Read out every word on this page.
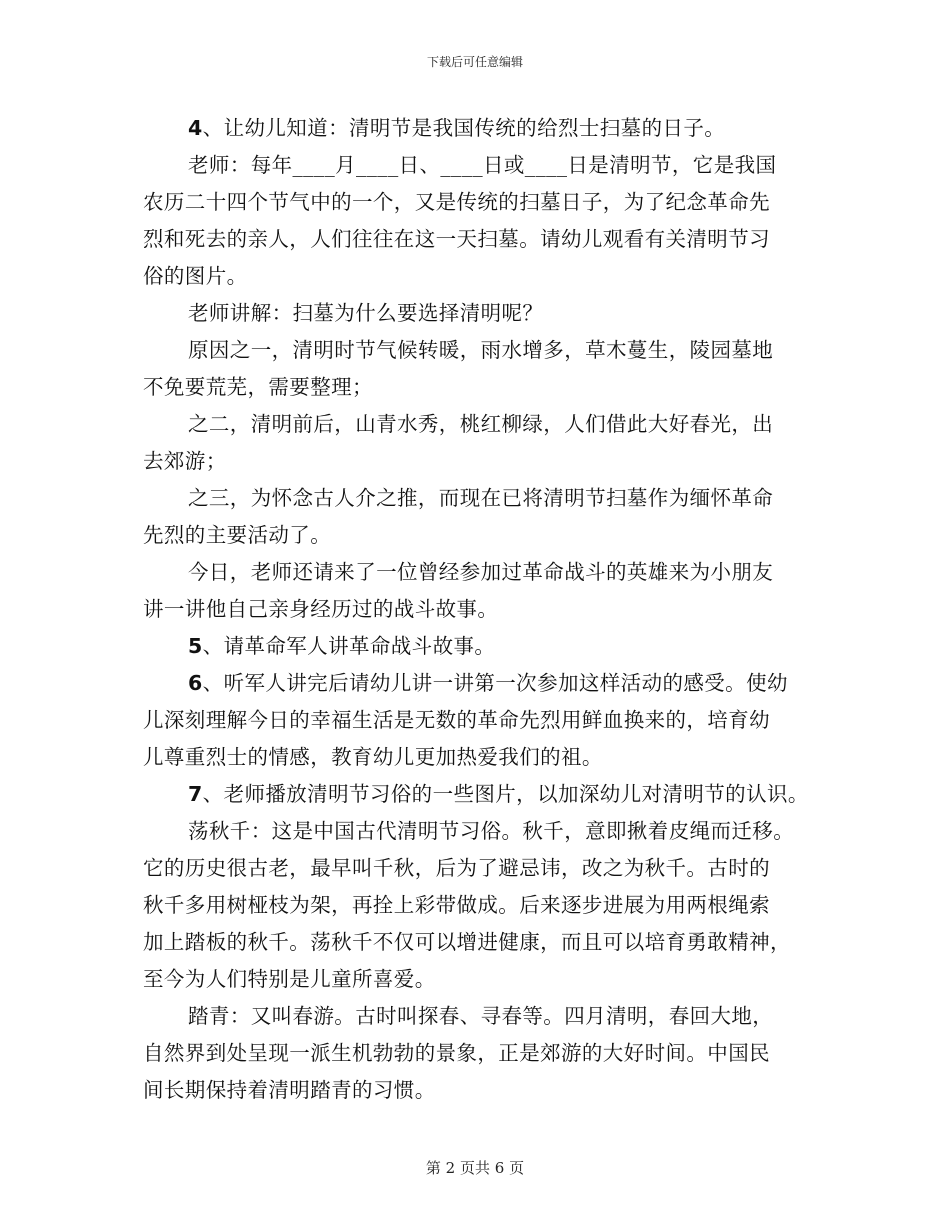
下载后可任意编辑
4、让幼儿知道：清明节是我国传统的给烈士扫墓的日子。
老师：每年____月____日、____日或____日是清明节，它是我国
农历二十四个节气中的一个，又是传统的扫墓日子，为了纪念革命先
烈和死去的亲人，人们往往在这一天扫墓。请幼儿观看有关清明节习
俗的图片。
老师讲解：扫墓为什么要选择清明呢？
原因之一，清明时节气候转暖，雨水增多，草木蔓生，陵园墓地
不免要荒芜，需要整理；
之二，清明前后，山青水秀，桃红柳绿，人们借此大好春光，出
去郊游；
之三，为怀念古人介之推，而现在已将清明节扫墓作为缅怀革命
先烈的主要活动了。
今日，老师还请来了一位曾经参加过革命战斗的英雄来为小朋友
讲一讲他自己亲身经历过的战斗故事。
5、请革命军人讲革命战斗故事。
6、听军人讲完后请幼儿讲一讲第一次参加这样活动的感受。使幼
儿深刻理解今日的幸福生活是无数的革命先烈用鲜血换来的，培育幼
儿尊重烈士的情感，教育幼儿更加热爱我们的祖。
7、老师播放清明节习俗的一些图片，以加深幼儿对清明节的认识。
荡秋千：这是中国古代清明节习俗。秋千，意即揪着皮绳而迁移。
它的历史很古老，最早叫千秋，后为了避忌讳，改之为秋千。古时的
秋千多用树桠枝为架，再拴上彩带做成。后来逐步进展为用两根绳索
加上踏板的秋千。荡秋千不仅可以增进健康，而且可以培育勇敢精神，
至今为人们特别是儿童所喜爱。
踏青：又叫春游。古时叫探春、寻春等。四月清明，春回大地，
自然界到处呈现一派生机勃勃的景象，正是郊游的大好时间。中国民
间长期保持着清明踏青的习惯。
第 2 页共 6 页
